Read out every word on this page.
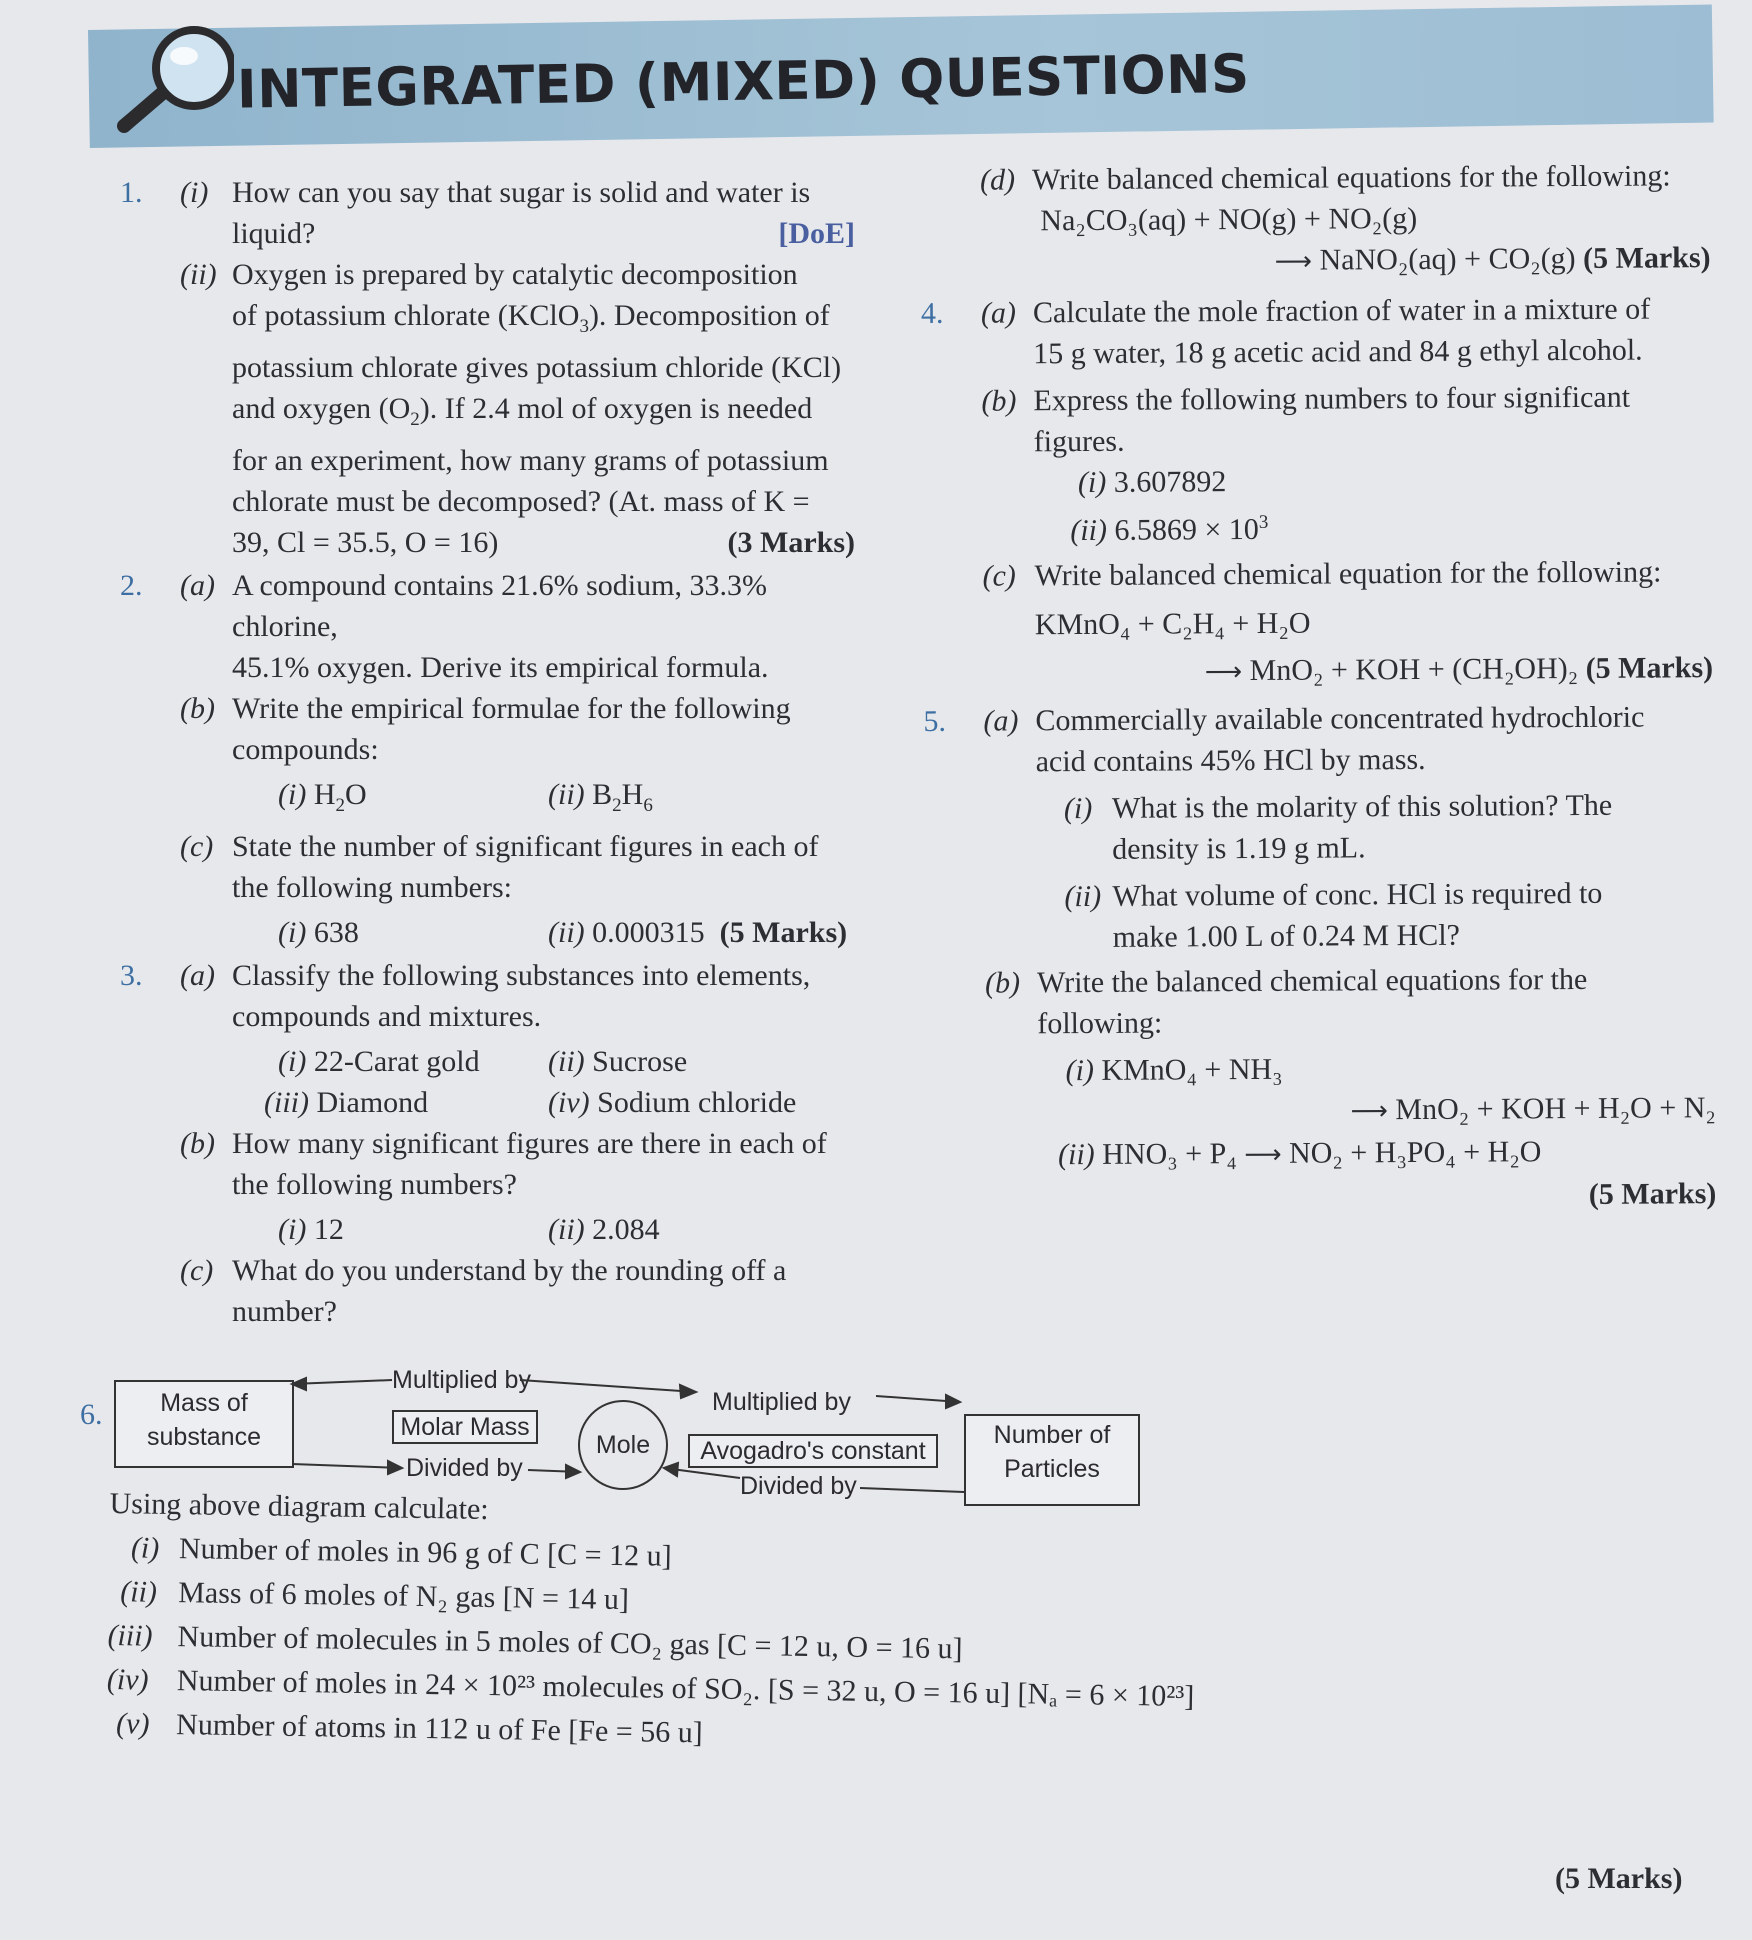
INTEGRATED (MIXED) QUESTIONS
1. (i) How can you say that sugar is solid and water is
liquid?	[DoE]
(ii) Oxygen is prepared by catalytic decomposition
of potassium chlorate (KClO$_3$). Decomposition of
potassium chlorate gives potassium chloride (KCl)
and oxygen $(O_2)$. If 2.4 mol of oxygen is needed
for an experiment, how many grams of potassium
chlorate must be decomposed? (At. mass of K =
39, Cl = 35.5, O = 16)	(3 Marks)
2. (a) A compound contains 21.6% sodium, 33.3% chlorine,
45.1% oxygen. Derive its empirical formula.
(b) Write the empirical formulae for the following
compounds:
(i) $H_2O$	(ii) $B_2H_6$
(c) State the number of significant figures in each of
the following numbers:
(i) 638	(ii) 0.000315 (5 Marks)
3. (a) Classify the following substances into elements,
compounds and mixtures.
(i) 22-Carat gold	(ii) Sucrose
(iii) Diamond	(iv) Sodium chloride
(b) How many significant figures are there in each of
the following numbers?
(i) 12	(ii) 2.084
(c) What do you understand by the rounding off a
number?
(d) Write balanced chemical equations for the following:
Na₂CO₃(aq) + NO(g) + NO₂(g)
⟶ NaNO₂(aq) + CO₂(g) (5 Marks)
4. (a) Calculate the mole fraction of water in a mixture of
15 g water, 18 g acetic acid and 84 g ethyl alcohol.
(b) Express the following numbers to four significant
figures.
(i) 3.607892
(ii) $6.5869 \times 10^3$
(c) Write balanced chemical equation for the following:
KMnO₄ + C₂H₄ + H₂O
⟶ MnO₂ + KOH + (CH₂OH)₂ (5 Marks)
5. (a) Commercially available concentrated hydrochloric
acid contains 45% HCl by mass.
(i) What is the molarity of this solution? The
density is 1.19 g mL.
(ii) What volume of conc. HCl is required to
make 1.00 L of 0.24 M HCl?
(b) Write the balanced chemical equations for the
following:
(i) KMnO₄ + NH₃
⟶ MnO₂ + KOH + H₂O + N₂
(ii) HNO₃ + P₄ ⟶ NO₂ + H₃PO₄ + H₂O
(5 Marks)
6.	Mass of substance
Multiplied by
Molar Mass
Divided by
Mole
Multiplied by
Avogadro's constant
Divided by
Number of Particles
Using above diagram calculate:
(i) Number of moles in 96 g of C [C = 12 u]
(ii) Mass of 6 moles of N₂ gas [N = 14 u]
(iii) Number of molecules in 5 moles of CO₂ gas [C = 12 u, O = 16 u]
(iv) Number of moles in 24 × 10²³ molecules of SO₂. [S = 32 u, O = 16 u] [Nₐ = 6 × 10²³]
(v) Number of atoms in 112 u of Fe [Fe = 56 u]
(5 Marks)
